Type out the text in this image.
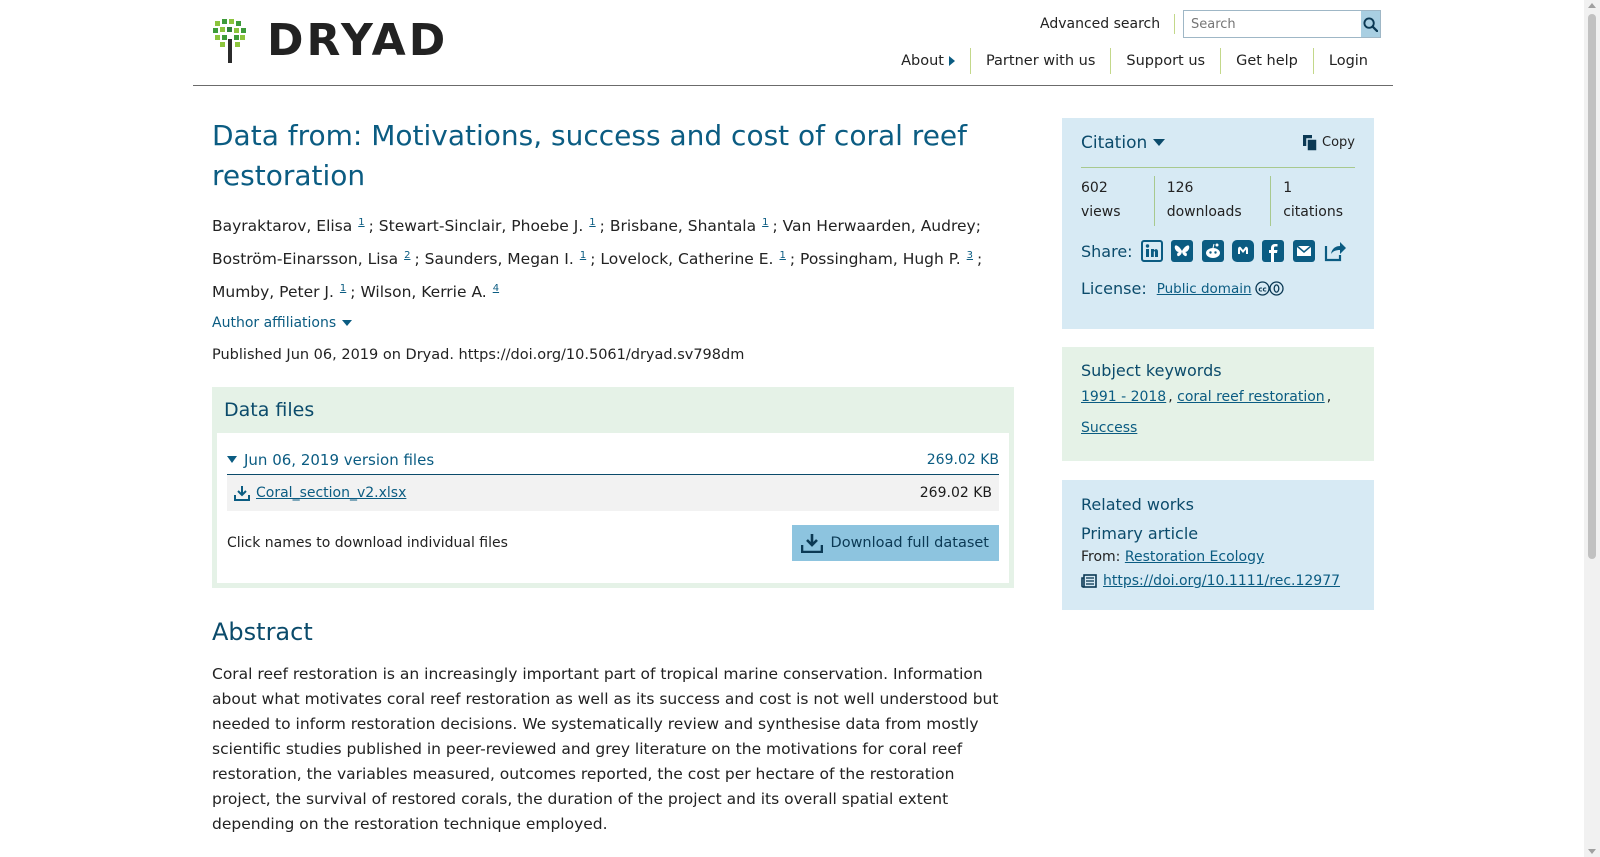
DRYAD	Advanced search
Search
About	Partner with us	Support us	Get help	Login
Data from: Motivations, success and cost of coral reef restoration
Bayraktarov, Elisa $^1$ ; Stewart-Sinclair, Phoebe J. $^1$ ; Brisbane, Shantala $^1$ ; Van Herwaarden, Audrey; Boström-Einarsson, Lisa $^2$ ; Saunders, Megan I. $^1$ ; Lovelock, Catherine E. $^1$ ; Possingham, Hugh P. $^3$ ; Mumby, Peter J. $^1$ ; Wilson, Kerrie A. $^4$
Author affiliations
Published Jun 06, 2019 on Dryad. https://doi.org/10.5061/dryad.sv798dm
Data files
Jun 06, 2019 version files	269.02 KB
Coral_section_v2.xlsx	269.02 KB
Click names to download individual files	Download full dataset
Abstract

Coral reef restoration is an increasingly important part of tropical marine conservation. Information about what motivates coral reef restoration as well as its success and cost is not well understood but needed to inform restoration decisions. We systematically review and synthesise data from mostly scientific studies published in peer-reviewed and grey literature on the motivations for coral reef restoration, the variables measured, outcomes reported, the cost per hectare of the restoration project, the survival of restored corals, the duration of the project and its overall spatial extent depending on the restoration technique employed.

Citation	Copy
602
views
126
downloads
1
citations
Share:
License: Public domain cc
Subject keywords
1991 - 2018 , coral reef restoration ,
Success
Related works
Primary article
From: Restoration Ecology
https://doi.org/10.1111/rec.12977
